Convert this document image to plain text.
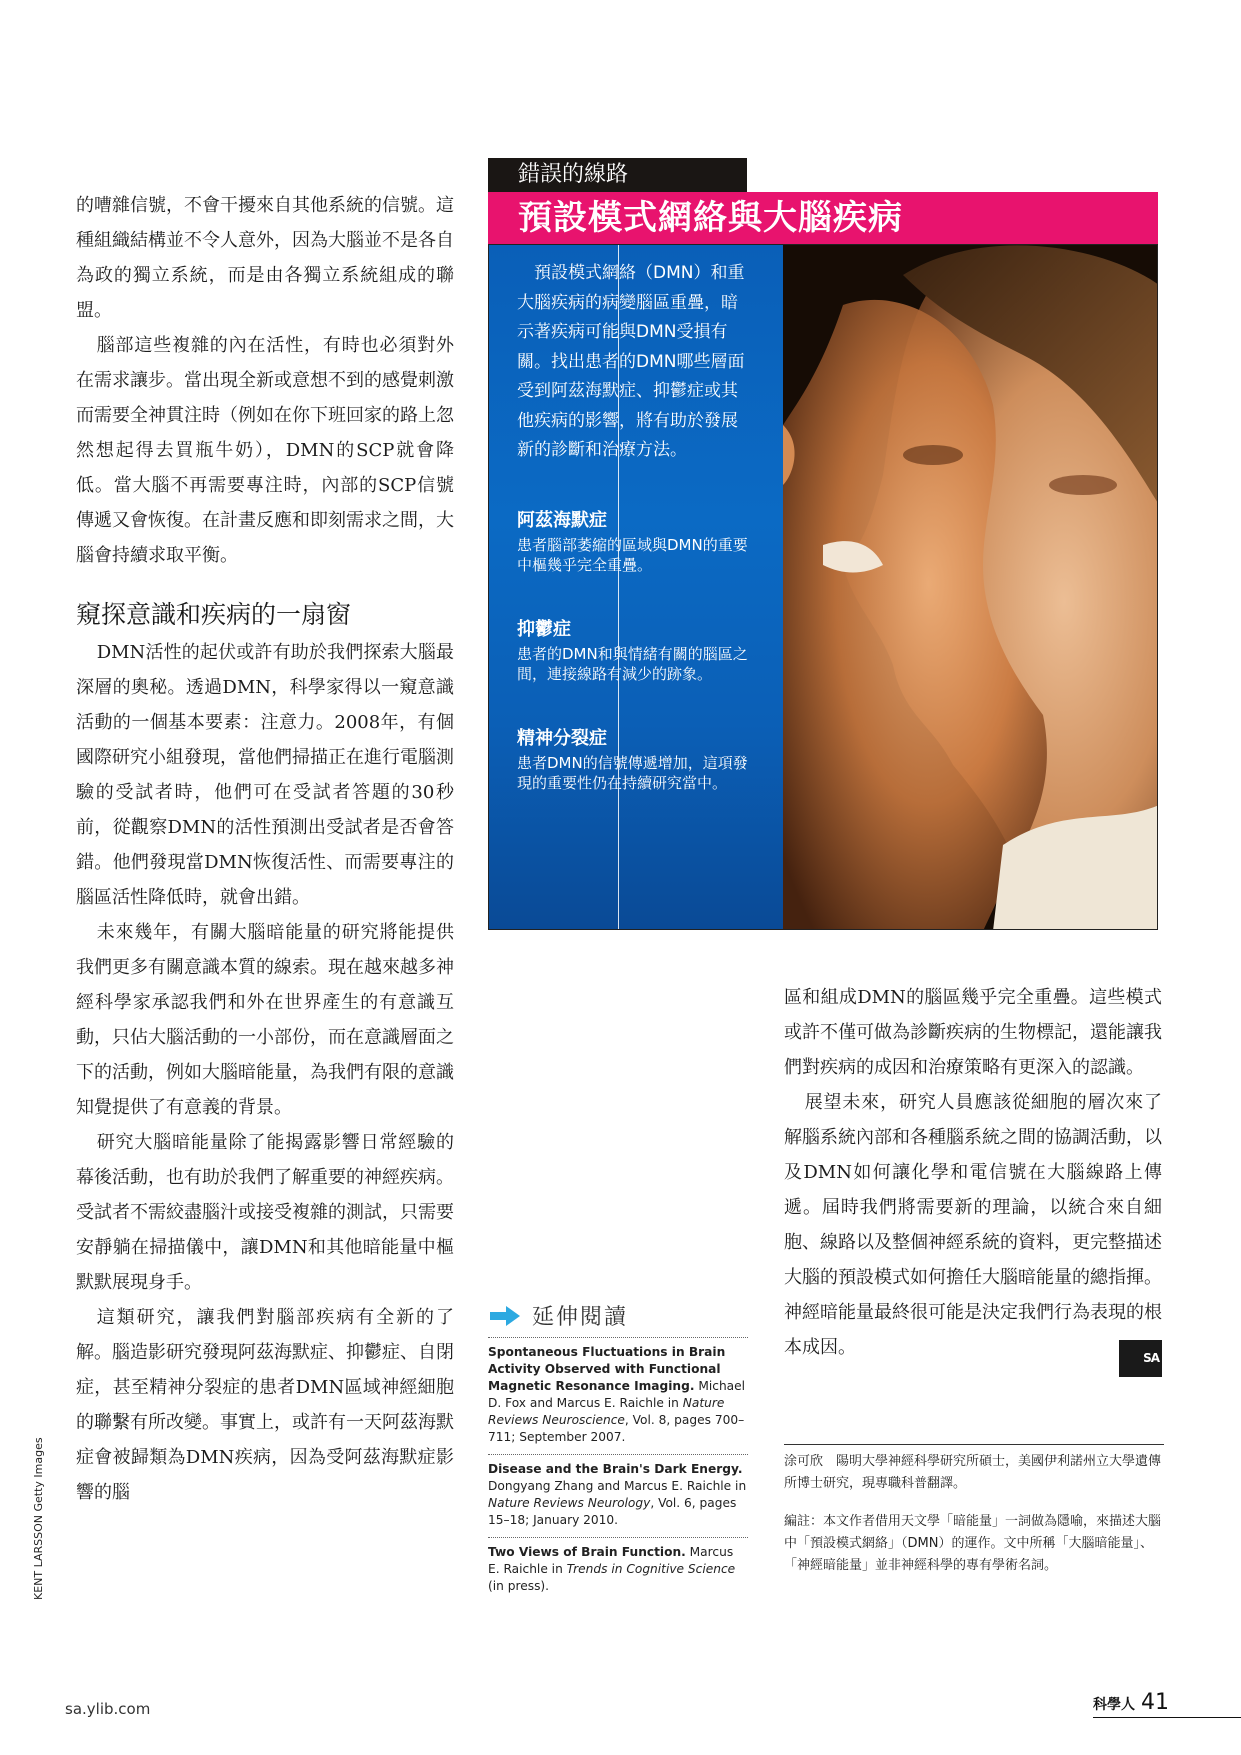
的嘈雜信號，不會干擾來自其他系統的信號。這種組織結構並不令人意外，因為大腦並不是各自為政的獨立系統，而是由各獨立系統組成的聯盟。

腦部這些複雜的內在活性，有時也必須對外在需求讓步。當出現全新或意想不到的感覺刺激而需要全神貫注時（例如在你下班回家的路上忽然想起得去買瓶牛奶），DMN的SCP就會降低。當大腦不再需要專注時，內部的SCP信號傳遞又會恢復。在計畫反應和即刻需求之間，大腦會持續求取平衡。

窺探意識和疾病的一扇窗

DMN活性的起伏或許有助於我們探索大腦最深層的奧秘。透過DMN，科學家得以一窺意識活動的一個基本要素：注意力。2008年，有個國際研究小組發現，當他們掃描正在進行電腦測驗的受試者時，他們可在受試者答題的30秒前，從觀察DMN的活性預測出受試者是否會答錯。他們發現當DMN恢復活性、而需要專注的腦區活性降低時，就會出錯。

未來幾年，有關大腦暗能量的研究將能提供我們更多有關意識本質的線索。現在越來越多神經科學家承認我們和外在世界產生的有意識互動，只佔大腦活動的一小部份，而在意識層面之下的活動，例如大腦暗能量，為我們有限的意識知覺提供了有意義的背景。

研究大腦暗能量除了能揭露影響日常經驗的幕後活動，也有助於我們了解重要的神經疾病。受試者不需絞盡腦汁或接受複雜的測試，只需要安靜躺在掃描儀中，讓DMN和其他暗能量中樞默默展現身手。

這類研究，讓我們對腦部疾病有全新的了解。腦造影研究發現阿茲海默症、抑鬱症、自閉症，甚至精神分裂症的患者DMN區域神經細胞的聯繫有所改變。事實上，或許有一天阿茲海默症會被歸類為DMN疾病，因為受阿茲海默症影響的腦

錯誤的線路
預設模式網絡與大腦疾病

預設模式網絡（DMN）和重大腦疾病的病變腦區重疊，暗示著疾病可能與DMN受損有關。找出患者的DMN哪些層面受到阿茲海默症、抑鬱症或其他疾病的影響，將有助於發展新的診斷和治療方法。

阿茲海默症

患者腦部萎縮的區域與DMN的重要中樞幾乎完全重疊。

抑鬱症

患者的DMN和與情緒有關的腦區之間，連接線路有減少的跡象。

精神分裂症

患者DMN的信號傳遞增加，這項發現的重要性仍在持續研究當中。

區和組成DMN的腦區幾乎完全重疊。這些模式或許不僅可做為診斷疾病的生物標記，還能讓我們對疾病的成因和治療策略有更深入的認識。

展望未來，研究人員應該從細胞的層次來了解腦系統內部和各種腦系統之間的協調活動，以及DMN如何讓化學和電信號在大腦線路上傳遞。屆時我們將需要新的理論，以統合來自細胞、線路以及整個神經系統的資料，更完整描述大腦的預設模式如何擔任大腦暗能量的總指揮。神經暗能量最終很可能是決定我們行為表現的根本成因。	SA

延伸閱讀
Spontaneous Fluctuations in Brain Activity Observed with Functional Magnetic Resonance Imaging. Michael D. Fox and Marcus E. Raichle in Nature Reviews Neuroscience, Vol. 8, pages 700–711; September 2007.
Disease and the Brain's Dark Energy. Dongyang Zhang and Marcus E. Raichle in Nature Reviews Neurology, Vol. 6, pages 15–18; January 2010.
Two Views of Brain Function. Marcus E. Raichle in Trends in Cognitive Science (in press).

涂可欣　陽明大學神經科學研究所碩士，美國伊利諾州立大學遺傳所博士研究，現專職科普翻譯。

編註：本文作者借用天文學「暗能量」一詞做為隱喻，來描述大腦中「預設模式網絡」（DMN）的運作。文中所稱「大腦暗能量」、「神經暗能量」並非神經科學的專有學術名詞。

KENT LARSSON Getty Images
sa.ylib.com	科學人 41
